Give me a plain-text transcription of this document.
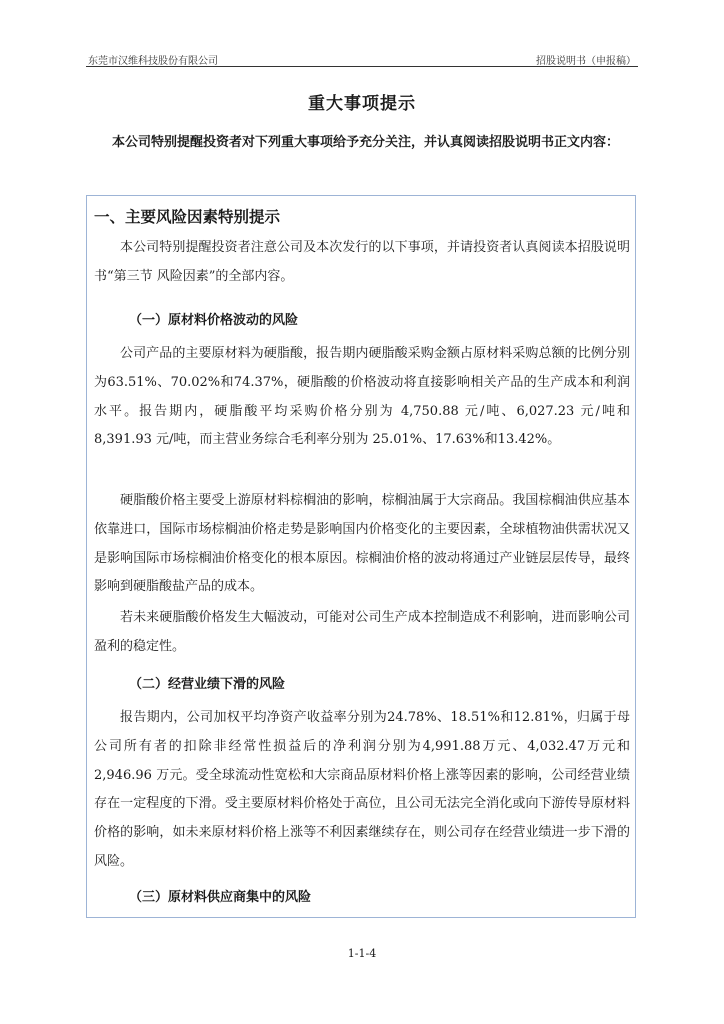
东莞市汉维科技股份有限公司	招股说明书（申报稿）
重大事项提示
本公司特别提醒投资者对下列重大事项给予充分关注，并认真阅读招股说明书正文内容：
一、主要风险因素特别提示
本公司特别提醒投资者注意公司及本次发行的以下事项，并请投资者认真阅读本招股说明书“第三节 风险因素”的全部内容。
（一）原材料价格波动的风险
公司产品的主要原材料为硬脂酸，报告期内硬脂酸采购金额占原材料采购总额的比例分别为63.51%、70.02%和74.37%，硬脂酸的价格波动将直接影响相关产品的生产成本和利润水平。报告期内，硬脂酸平均采购价格分别为 4,750.88 元/吨、6,027.23 元/吨和 8,391.93 元/吨，而主营业务综合毛利率分别为 25.01%、17.63%和13.42%。
硬脂酸价格主要受上游原材料棕榈油的影响，棕榈油属于大宗商品。我国棕榈油供应基本依靠进口，国际市场棕榈油价格走势是影响国内价格变化的主要因素，全球植物油供需状况又是影响国际市场棕榈油价格变化的根本原因。棕榈油价格的波动将通过产业链层层传导，最终影响到硬脂酸盐产品的成本。
若未来硬脂酸价格发生大幅波动，可能对公司生产成本控制造成不利影响，进而影响公司盈利的稳定性。
（二）经营业绩下滑的风险
报告期内，公司加权平均净资产收益率分别为24.78%、18.51%和12.81%，归属于母公司所有者的扣除非经常性损益后的净利润分别为4,991.88万元、4,032.47万元和 2,946.96 万元。受全球流动性宽松和大宗商品原材料价格上涨等因素的影响，公司经营业绩存在一定程度的下滑。受主要原材料价格处于高位，且公司无法完全消化或向下游传导原材料价格的影响，如未来原材料价格上涨等不利因素继续存在，则公司存在经营业绩进一步下滑的风险。
（三）原材料供应商集中的风险
1-1-4
